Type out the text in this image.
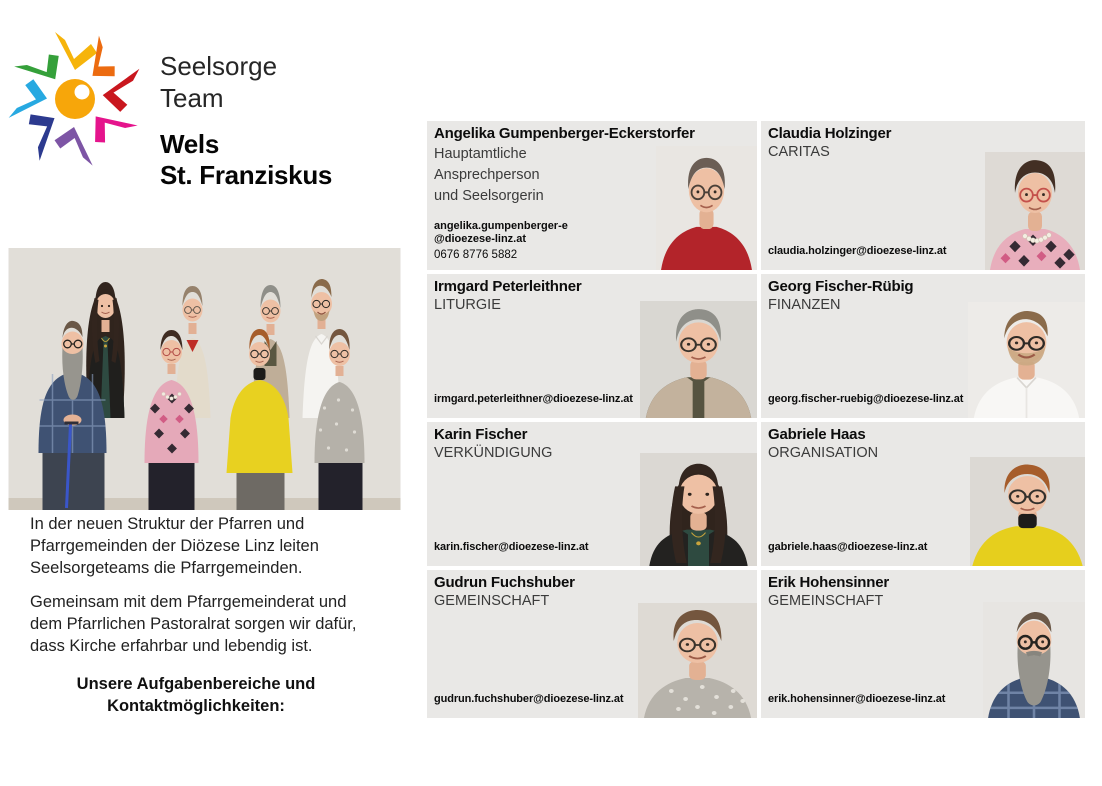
Seelsorge
Team
Wels
St. Franziskus
In der neuen Struktur der Pfarren und
Pfarrgemeinden der Diözese Linz leiten
Seelsorgeteams die Pfarrgemeinden.
Gemeinsam mit dem Pfarrgemeinderat und
dem Pfarrlichen Pastoralrat sorgen wir dafür,
dass Kirche erfahrbar und lebendig ist.
Unsere Aufgabenbereiche und
Kontaktmöglichkeiten:
Angelika Gumpenberger-Eckerstorfer
Hauptamtliche
Ansprechperson
und Seelsorgerin
angelika.gumpenberger-e
@dioezese-linz.at
0676 8776 5882
Claudia Holzinger
CARITAS
claudia.holzinger@dioezese-linz.at
Irmgard Peterleithner
LITURGIE
irmgard.peterleithner@dioezese-linz.at
Georg Fischer-Rübig
FINANZEN
georg.fischer-ruebig@dioezese-linz.at
Karin Fischer
VERKÜNDIGUNG
karin.fischer@dioezese-linz.at
Gabriele Haas
ORGANISATION
gabriele.haas@dioezese-linz.at
Gudrun Fuchshuber
GEMEINSCHAFT
gudrun.fuchshuber@dioezese-linz.at
Erik Hohensinner
GEMEINSCHAFT
erik.hohensinner@dioezese-linz.at
